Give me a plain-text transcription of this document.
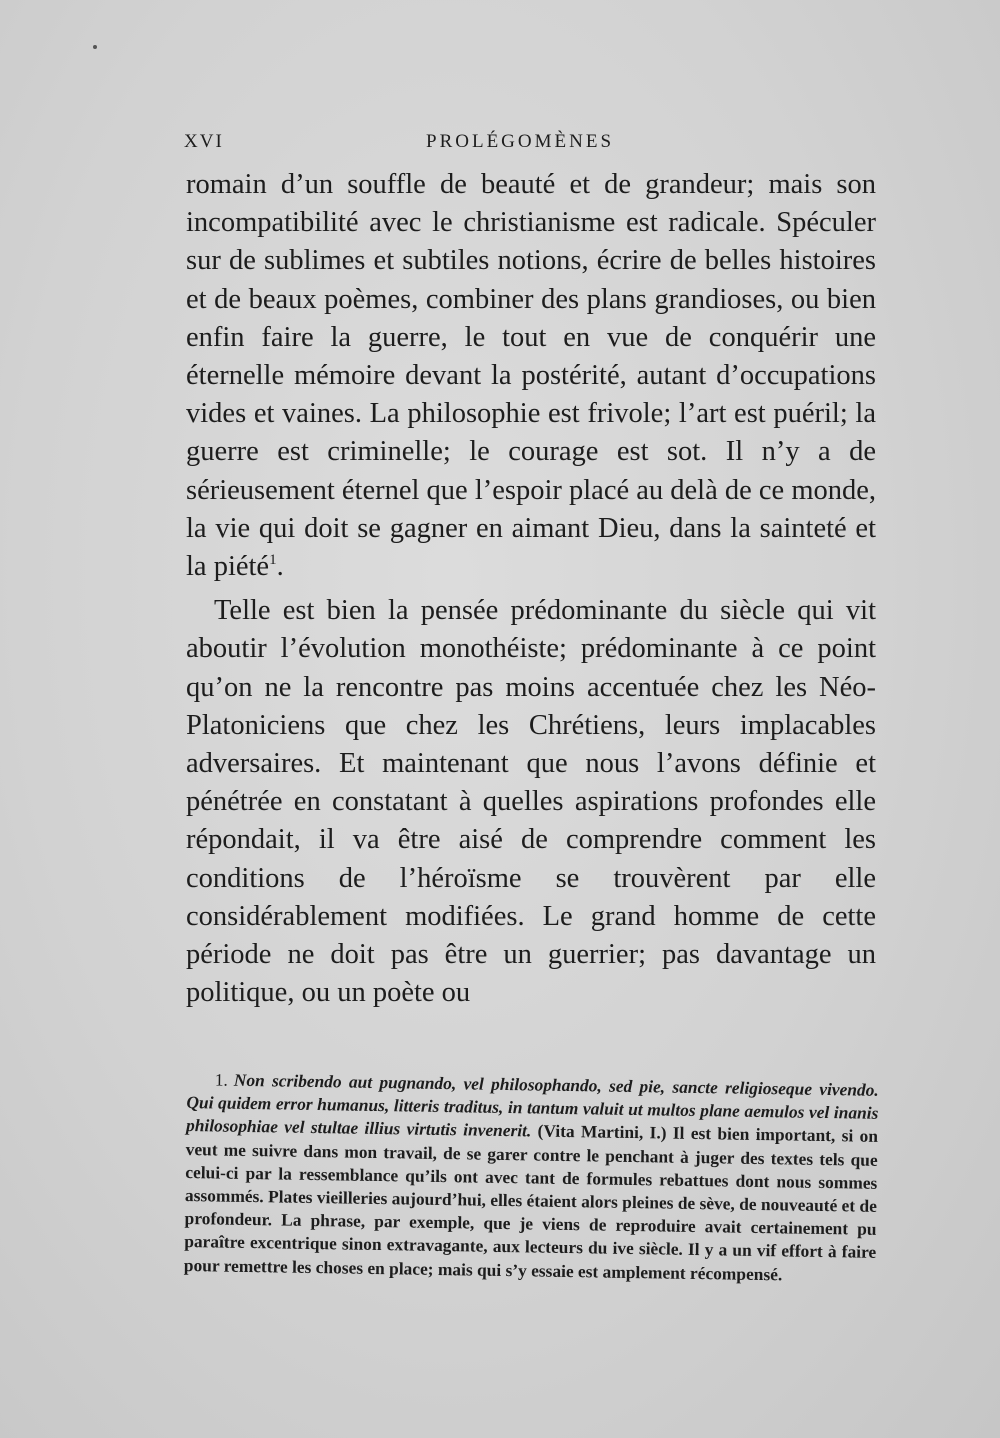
XVI	PROLÉGOMÈNES

romain d’un souffle de beauté et de grandeur; mais son incompatibilité avec le christianisme est radicale. Spéculer sur de sublimes et subtiles notions, écrire de belles histoires et de beaux poèmes, combiner des plans grandioses, ou bien enfin faire la guerre, le tout en vue de conquérir une éternelle mémoire devant la postérité, autant d’occupations vides et vaines. La philosophie est frivole; l’art est puéril; la guerre est criminelle; le courage est sot. Il n’y a de sérieusement éternel que l’espoir placé au delà de ce monde, la vie qui doit se gagner en aimant Dieu, dans la sainteté et la piété$^1$.

Telle est bien la pensée prédominante du siècle qui vit aboutir l’évolution monothéiste; prédominante à ce point qu’on ne la rencontre pas moins accentuée chez les Néo-Platoniciens que chez les Chrétiens, leurs implacables adversaires. Et maintenant que nous l’avons définie et pénétrée en constatant à quelles aspirations profondes elle répondait, il va être aisé de comprendre comment les conditions de l’héroïsme se trouvèrent par elle considérablement modifiées. Le grand homme de cette période ne doit pas être un guerrier; pas davantage un politique, ou un poète ou

1. Non scribendo aut pugnando, vel philosophando, sed pie, sancte religioseque vivendo. Qui quidem error humanus, litteris traditus, in tantum valuit ut multos plane aemulos vel inanis philosophiae vel stultae illius virtutis invenerit. (Vita Martini, I.) Il est bien important, si on veut me suivre dans mon travail, de se garer contre le penchant à juger des textes tels que celui-ci par la ressemblance qu’ils ont avec tant de formules rebattues dont nous sommes assommés. Plates vieilleries aujourd’hui, elles étaient alors pleines de sève, de nouveauté et de profondeur. La phrase, par exemple, que je viens de reproduire avait certainement pu paraître excentrique sinon extravagante, aux lecteurs du ive siècle. Il y a un vif effort à faire pour remettre les choses en place; mais qui s’y essaie est amplement récompensé.
